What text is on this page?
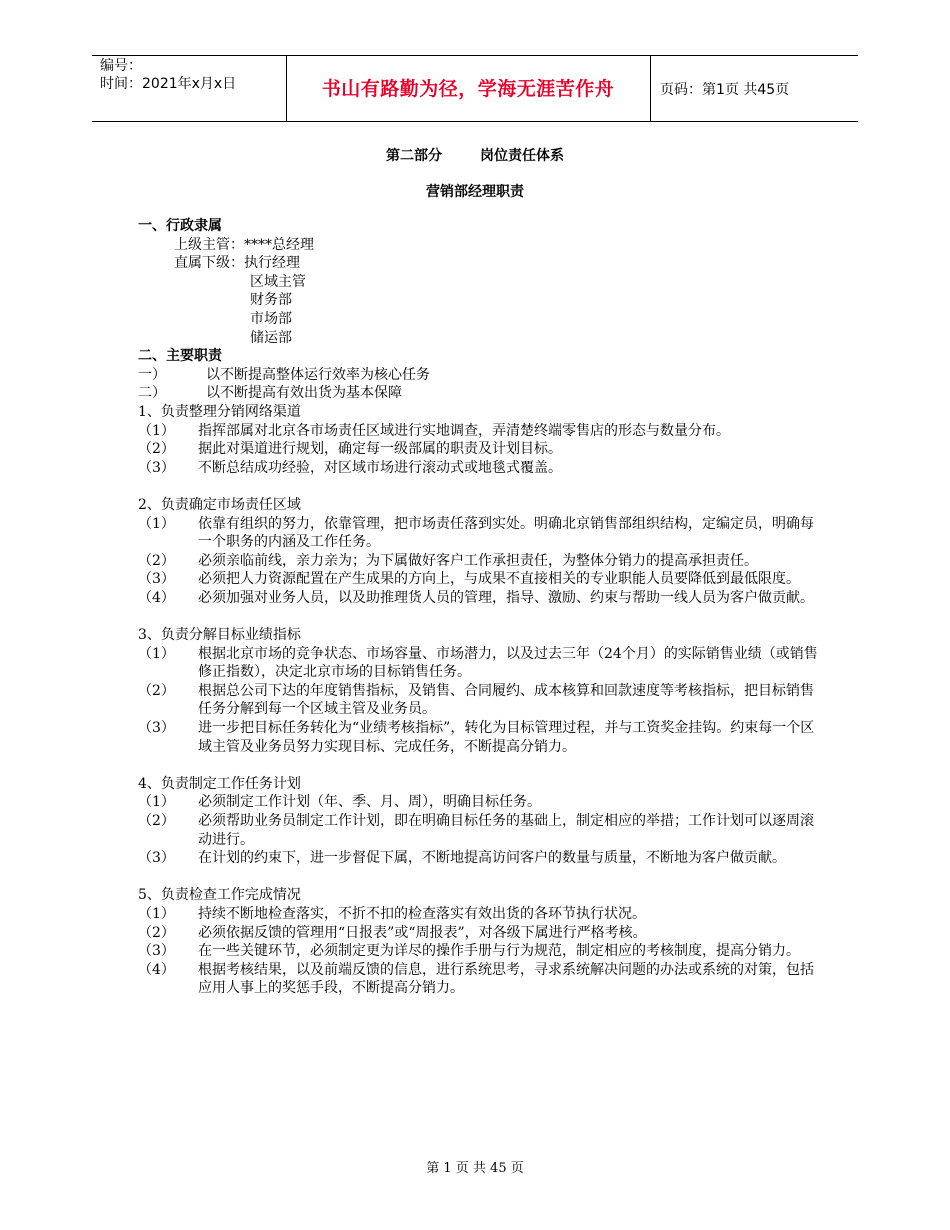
编号：
时间：2021年x月x日	书山有路勤为径，学海无涯苦作舟	页码：第1页 共45页
第二部分	岗位责任体系
营销部经理职责
一、行政隶属
上级主管：****总经理
直属下级：执行经理
区域主管
财务部
市场部
储运部
二、主要职责
一）	以不断提高整体运行效率为核心任务
二）	以不断提高有效出货为基本保障
1、负责整理分销网络渠道
（1）	指挥部属对北京各市场责任区域进行实地调查，弄清楚终端零售店的形态与数量分布。
（2）	据此对渠道进行规划，确定每一级部属的职责及计划目标。
（3）	不断总结成功经验，对区域市场进行滚动式或地毯式覆盖。
2、负责确定市场责任区域
（1）	依靠有组织的努力，依靠管理，把市场责任落到实处。明确北京销售部组织结构，定编定员，明确每一个职务的内涵及工作任务。
（2）	必须亲临前线，亲力亲为；为下属做好客户工作承担责任，为整体分销力的提高承担责任。
（3）	必须把人力资源配置在产生成果的方向上，与成果不直接相关的专业职能人员要降低到最低限度。
（4）	必须加强对业务人员，以及助推理货人员的管理，指导、激励、约束与帮助一线人员为客户做贡献。
3、负责分解目标业绩指标
（1）	根据北京市场的竞争状态、市场容量、市场潜力，以及过去三年（24个月）的实际销售业绩（或销售修正指数），决定北京市场的目标销售任务。
（2）	根据总公司下达的年度销售指标，及销售、合同履约、成本核算和回款速度等考核指标，把目标销售任务分解到每一个区域主管及业务员。
（3）	进一步把目标任务转化为“业绩考核指标”，转化为目标管理过程，并与工资奖金挂钩。约束每一个区域主管及业务员努力实现目标、完成任务，不断提高分销力。
4、负责制定工作任务计划
（1）	必须制定工作计划（年、季、月、周），明确目标任务。
（2）	必须帮助业务员制定工作计划，即在明确目标任务的基础上，制定相应的举措；工作计划可以逐周滚动进行。
（3）	在计划的约束下，进一步督促下属，不断地提高访问客户的数量与质量，不断地为客户做贡献。
5、负责检查工作完成情况
（1）	持续不断地检查落实，不折不扣的检查落实有效出货的各环节执行状况。
（2）	必须依据反馈的管理用“日报表”或“周报表”，对各级下属进行严格考核。
（3）	在一些关键环节，必须制定更为详尽的操作手册与行为规范，制定相应的考核制度，提高分销力。
（4）	根据考核结果，以及前端反馈的信息，进行系统思考，寻求系统解决问题的办法或系统的对策，包括应用人事上的奖惩手段，不断提高分销力。
第 1 页 共 45 页
